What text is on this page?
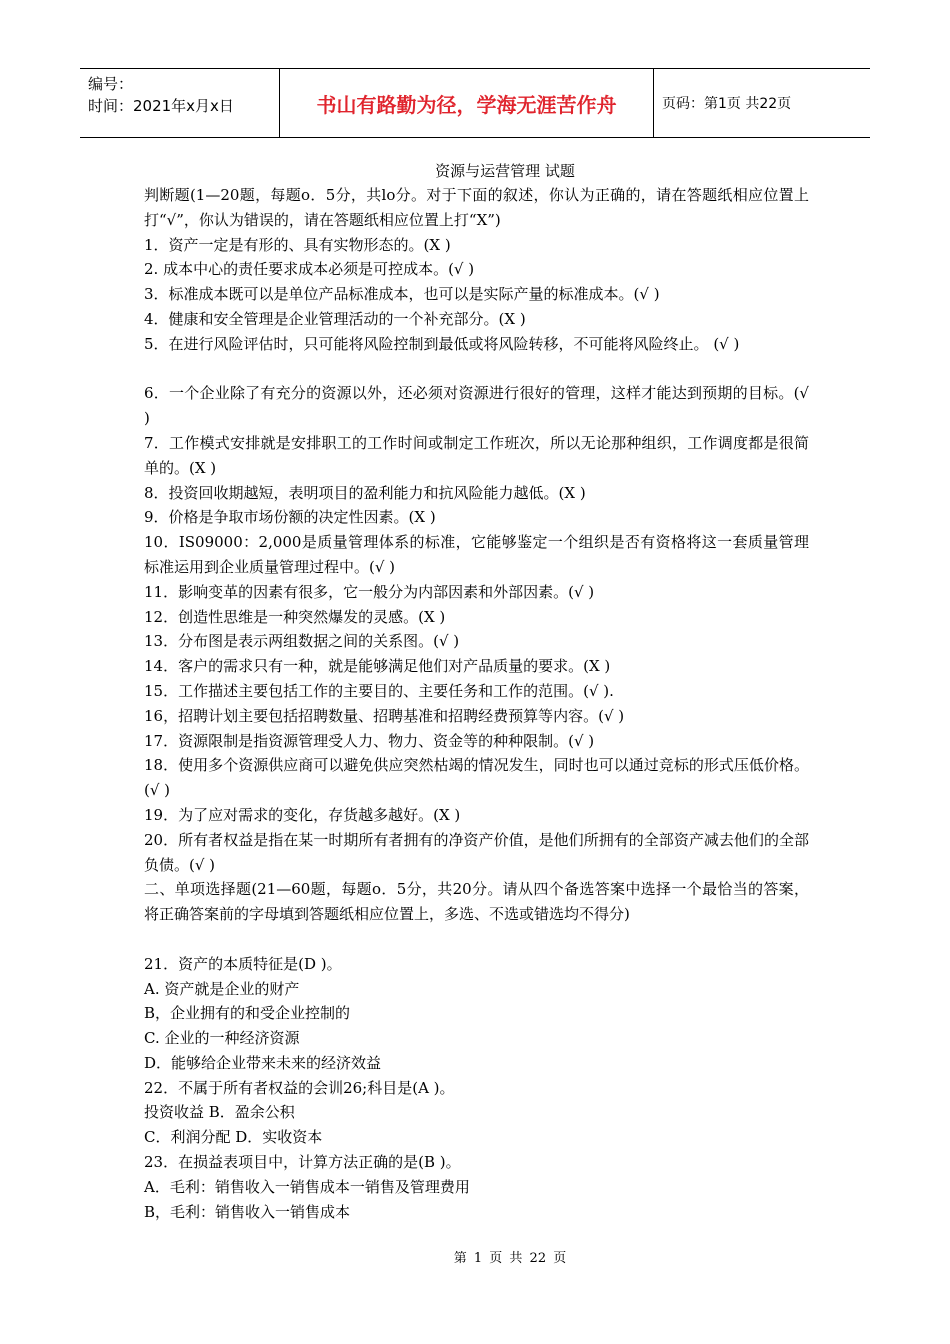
编号：
时间：2021年x月x日	书山有路勤为径，学海无涯苦作舟	页码：第1页 共22页
资源与运营管理 试题

判断题(1—20题，每题o．5分，共lo分。对于下面的叙述，你认为正确的，请在答题纸相应位置上打“√”，你认为错误的，请在答题纸相应位置上打“X”)

1．资产一定是有形的、具有实物形态的。(X )

2. 成本中心的责任要求成本必须是可控成本。(√ )

3．标准成本既可以是单位产品标准成本，也可以是实际产量的标准成本。(√ )

4．健康和安全管理是企业管理活动的一个补充部分。(X )

5．在进行风险评估时，只可能将风险控制到最低或将风险转移，不可能将风险终止。 (√ )

6．一个企业除了有充分的资源以外，还必须对资源进行很好的管理，这样才能达到预期的目标。(√ )

7．工作模式安排就是安排职工的工作时间或制定工作班次，所以无论那种组织，工作调度都是很简单的。(X )

8．投资回收期越短，表明项目的盈利能力和抗风险能力越低。(X )

9．价格是争取市场份额的决定性因素。(X )

10．IS09000：2,000是质量管理体系的标准，它能够鉴定一个组织是否有资格将这一套质量管理标准运用到企业质量管理过程中。(√ )

11．影响变革的因素有很多，它一般分为内部因素和外部因素。(√ )

12．创造性思维是一种突然爆发的灵感。(X )

13．分布图是表示两组数据之间的关系图。(√ )

14．客户的需求只有一种，就是能够满足他们对产品质量的要求。(X )

15．工作描述主要包括工作的主要目的、主要任务和工作的范围。(√ ).

16，招聘计划主要包括招聘数量、招聘基准和招聘经费预算等内容。(√ )

17．资源限制是指资源管理受人力、物力、资金等的种种限制。(√ )

18．使用多个资源供应商可以避免供应突然枯竭的情况发生，同时也可以通过竞标的形式压低价格。(√ )

19．为了应对需求的变化，存货越多越好。(X )

20．所有者权益是指在某一时期所有者拥有的净资产价值，是他们所拥有的全部资产减去他们的全部负债。(√ )

二、单项选择题(21—60题，每题o．5分，共20分。请从四个备选答案中选择一个最恰当的答案，将正确答案前的字母填到答题纸相应位置上，多选、不选或错选均不得分)

21．资产的本质特征是(D )。

A. 资产就是企业的财产

B，企业拥有的和受企业控制的

C. 企业的一种经济资源

D．能够给企业带来未来的经济效益

22．不属于所有者权益的会训26;科目是(A )。

投资收益 B．盈余公积

C．利润分配 D．实收资本

23．在损益表项目中，计算方法正确的是(B )。

A．毛利：销售收入一销售成本一销售及管理费用

B，毛利：销售收入一销售成本

第 1 页 共 22 页
